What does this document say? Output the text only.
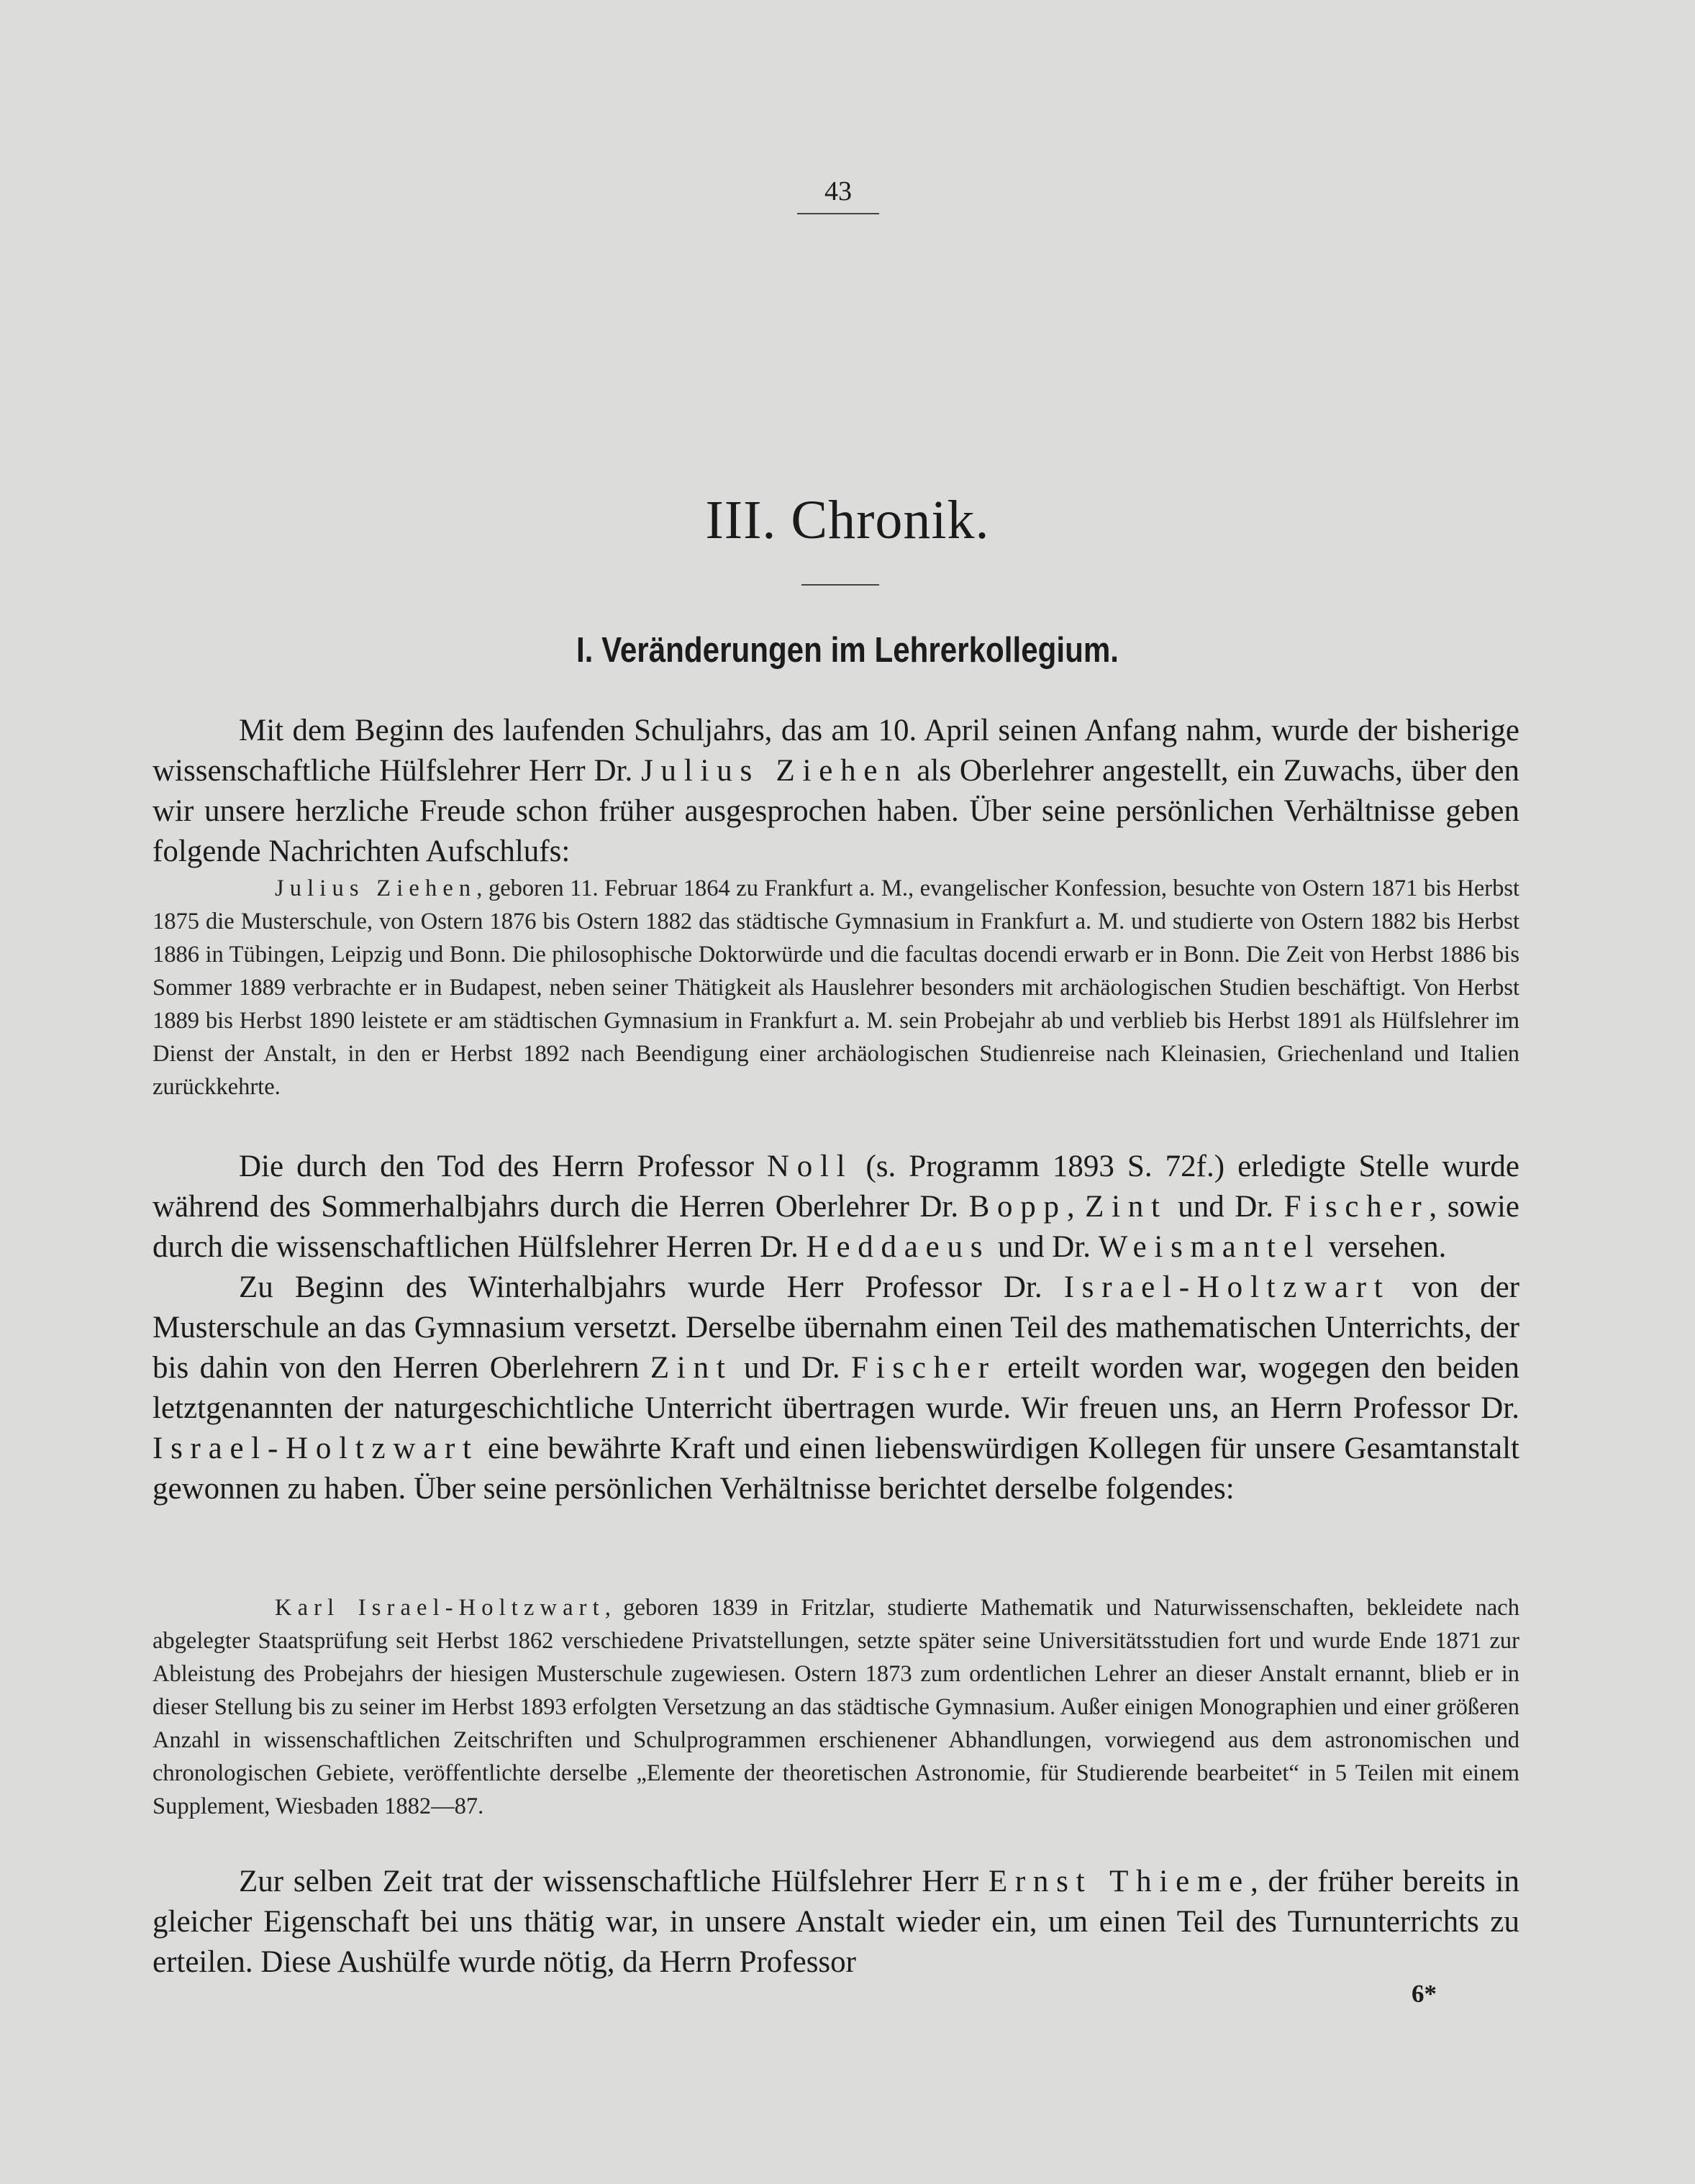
43
III. Chronik.
I. Veränderungen im Lehrerkollegium.

Mit dem Beginn des laufenden Schuljahrs, das am 10. April seinen Anfang nahm, wurde der bisherige wissenschaftliche Hülfslehrer Herr Dr. Julius Ziehen als Oberlehrer angestellt, ein Zuwachs, über den wir unsere herzliche Freude schon früher ausgesprochen haben. Über seine persönlichen Verhältnisse geben folgende Nachrichten Aufschlufs:

Julius Ziehen, geboren 11. Februar 1864 zu Frankfurt a. M., evangelischer Konfession, besuchte von Ostern 1871 bis Herbst 1875 die Musterschule, von Ostern 1876 bis Ostern 1882 das städtische Gymnasium in Frankfurt a. M. und studierte von Ostern 1882 bis Herbst 1886 in Tübingen, Leipzig und Bonn. Die philosophische Doktorwürde und die facultas docendi erwarb er in Bonn. Die Zeit von Herbst 1886 bis Sommer 1889 verbrachte er in Budapest, neben seiner Thätigkeit als Hauslehrer besonders mit archäologischen Studien beschäftigt. Von Herbst 1889 bis Herbst 1890 leistete er am städtischen Gymnasium in Frankfurt a. M. sein Probejahr ab und verblieb bis Herbst 1891 als Hülfslehrer im Dienst der Anstalt, in den er Herbst 1892 nach Beendigung einer archäologischen Studienreise nach Kleinasien, Griechenland und Italien zurückkehrte.

Die durch den Tod des Herrn Professor Noll (s. Programm 1893 S. 72f.) erledigte Stelle wurde während des Sommerhalbjahrs durch die Herren Oberlehrer Dr. Bopp, Zint und Dr. Fischer, sowie durch die wissenschaftlichen Hülfslehrer Herren Dr. Heddaeus und Dr. Weismantel versehen.

Zu Beginn des Winterhalbjahrs wurde Herr Professor Dr. Israel-Holtzwart von der Musterschule an das Gymnasium versetzt. Derselbe übernahm einen Teil des mathematischen Unterrichts, der bis dahin von den Herren Oberlehrern Zint und Dr. Fischer erteilt worden war, wogegen den beiden letztgenannten der naturgeschichtliche Unterricht übertragen wurde. Wir freuen uns, an Herrn Professor Dr. Israel-Holtzwart eine bewährte Kraft und einen liebenswürdigen Kollegen für unsere Gesamtanstalt gewonnen zu haben. Über seine persönlichen Verhältnisse berichtet derselbe folgendes:

Karl Israel-Holtzwart, geboren 1839 in Fritzlar, studierte Mathematik und Naturwissenschaften, bekleidete nach abgelegter Staatsprüfung seit Herbst 1862 verschiedene Privatstellungen, setzte später seine Universitätsstudien fort und wurde Ende 1871 zur Ableistung des Probejahrs der hiesigen Musterschule zugewiesen. Ostern 1873 zum ordentlichen Lehrer an dieser Anstalt ernannt, blieb er in dieser Stellung bis zu seiner im Herbst 1893 erfolgten Versetzung an das städtische Gymnasium. Außer einigen Monographien und einer größeren Anzahl in wissenschaftlichen Zeitschriften und Schulprogrammen erschienener Abhandlungen, vorwiegend aus dem astronomischen und chronologischen Gebiete, veröffentlichte derselbe „Elemente der theoretischen Astronomie, für Studierende bearbeitet“ in 5 Teilen mit einem Supplement, Wiesbaden 1882—87.

Zur selben Zeit trat der wissenschaftliche Hülfslehrer Herr Ernst Thieme, der früher bereits in gleicher Eigenschaft bei uns thätig war, in unsere Anstalt wieder ein, um einen Teil des Turnunterrichts zu erteilen. Diese Aushülfe wurde nötig, da Herrn Professor

6*
